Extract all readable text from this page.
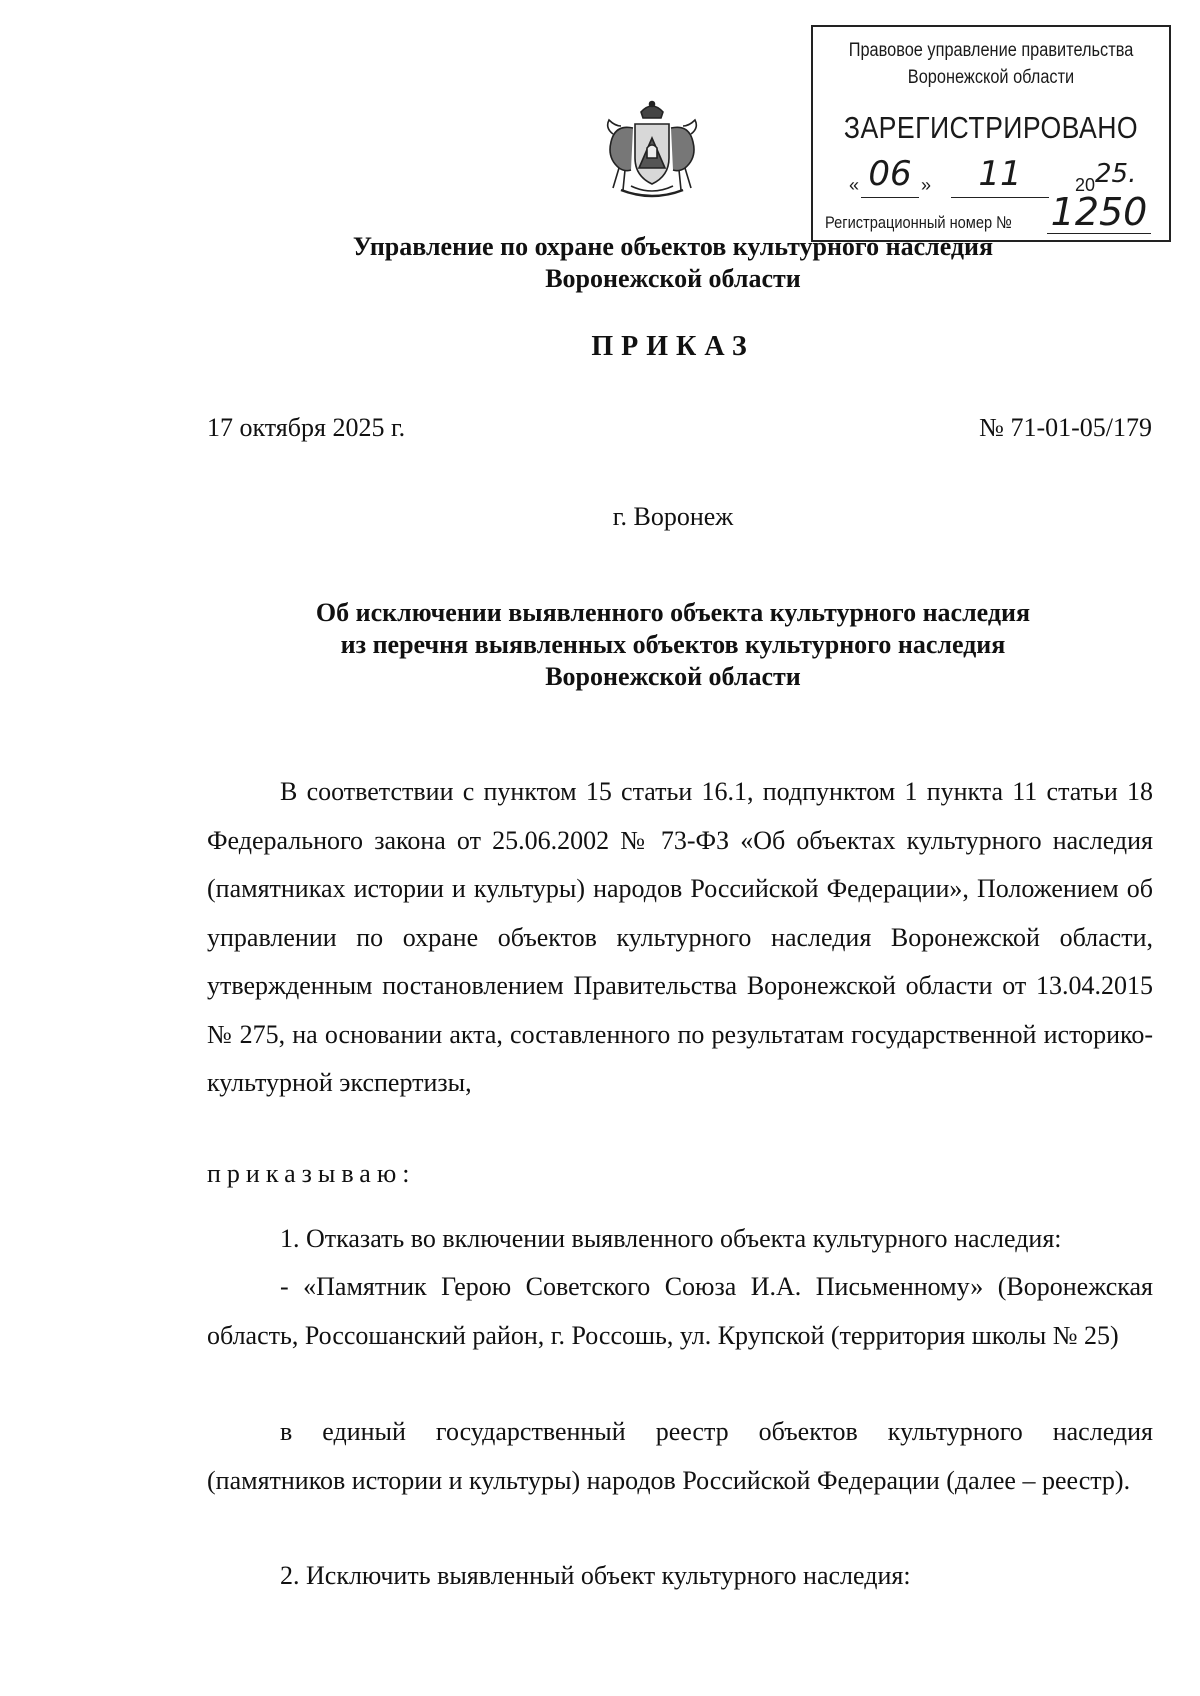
Правовое управление правительства
Воронежской области
ЗАРЕГИСТРИРОВАНО
« 06 »	11	20 25.
Регистрационный номер № 1250
Управление по охране объектов культурного наследия
Воронежской области
ПРИКАЗ
17 октября 2025 г.	№ 71-01-05/179
г. Воронеж
Об исключении выявленного объекта культурного наследия
из перечня выявленных объектов культурного наследия
Воронежской области

В соответствии с пунктом 15 статьи 16.1, подпунктом 1 пункта 11 статьи 18 Федерального закона от 25.06.2002 № 73-ФЗ «Об объектах культурного наследия (памятниках истории и культуры) народов Российской Федерации», Положением об управлении по охране объектов культурного наследия Воронежской области, утвержденным постановлением Правительства Воронежской области от 13.04.2015 № 275, на основании акта, составленного по результатам государственной историко-культурной экспертизы,

приказываю:

1. Отказать во включении выявленного объекта культурного наследия:

- «Памятник Герою Советского Союза И.А. Письменному» (Воронежская область, Россошанский район, г. Россошь, ул. Крупской (территория школы № 25)

в единый государственный реестр объектов культурного наследия (памятников истории и культуры) народов Российской Федерации (далее – реестр).

2. Исключить выявленный объект культурного наследия:
